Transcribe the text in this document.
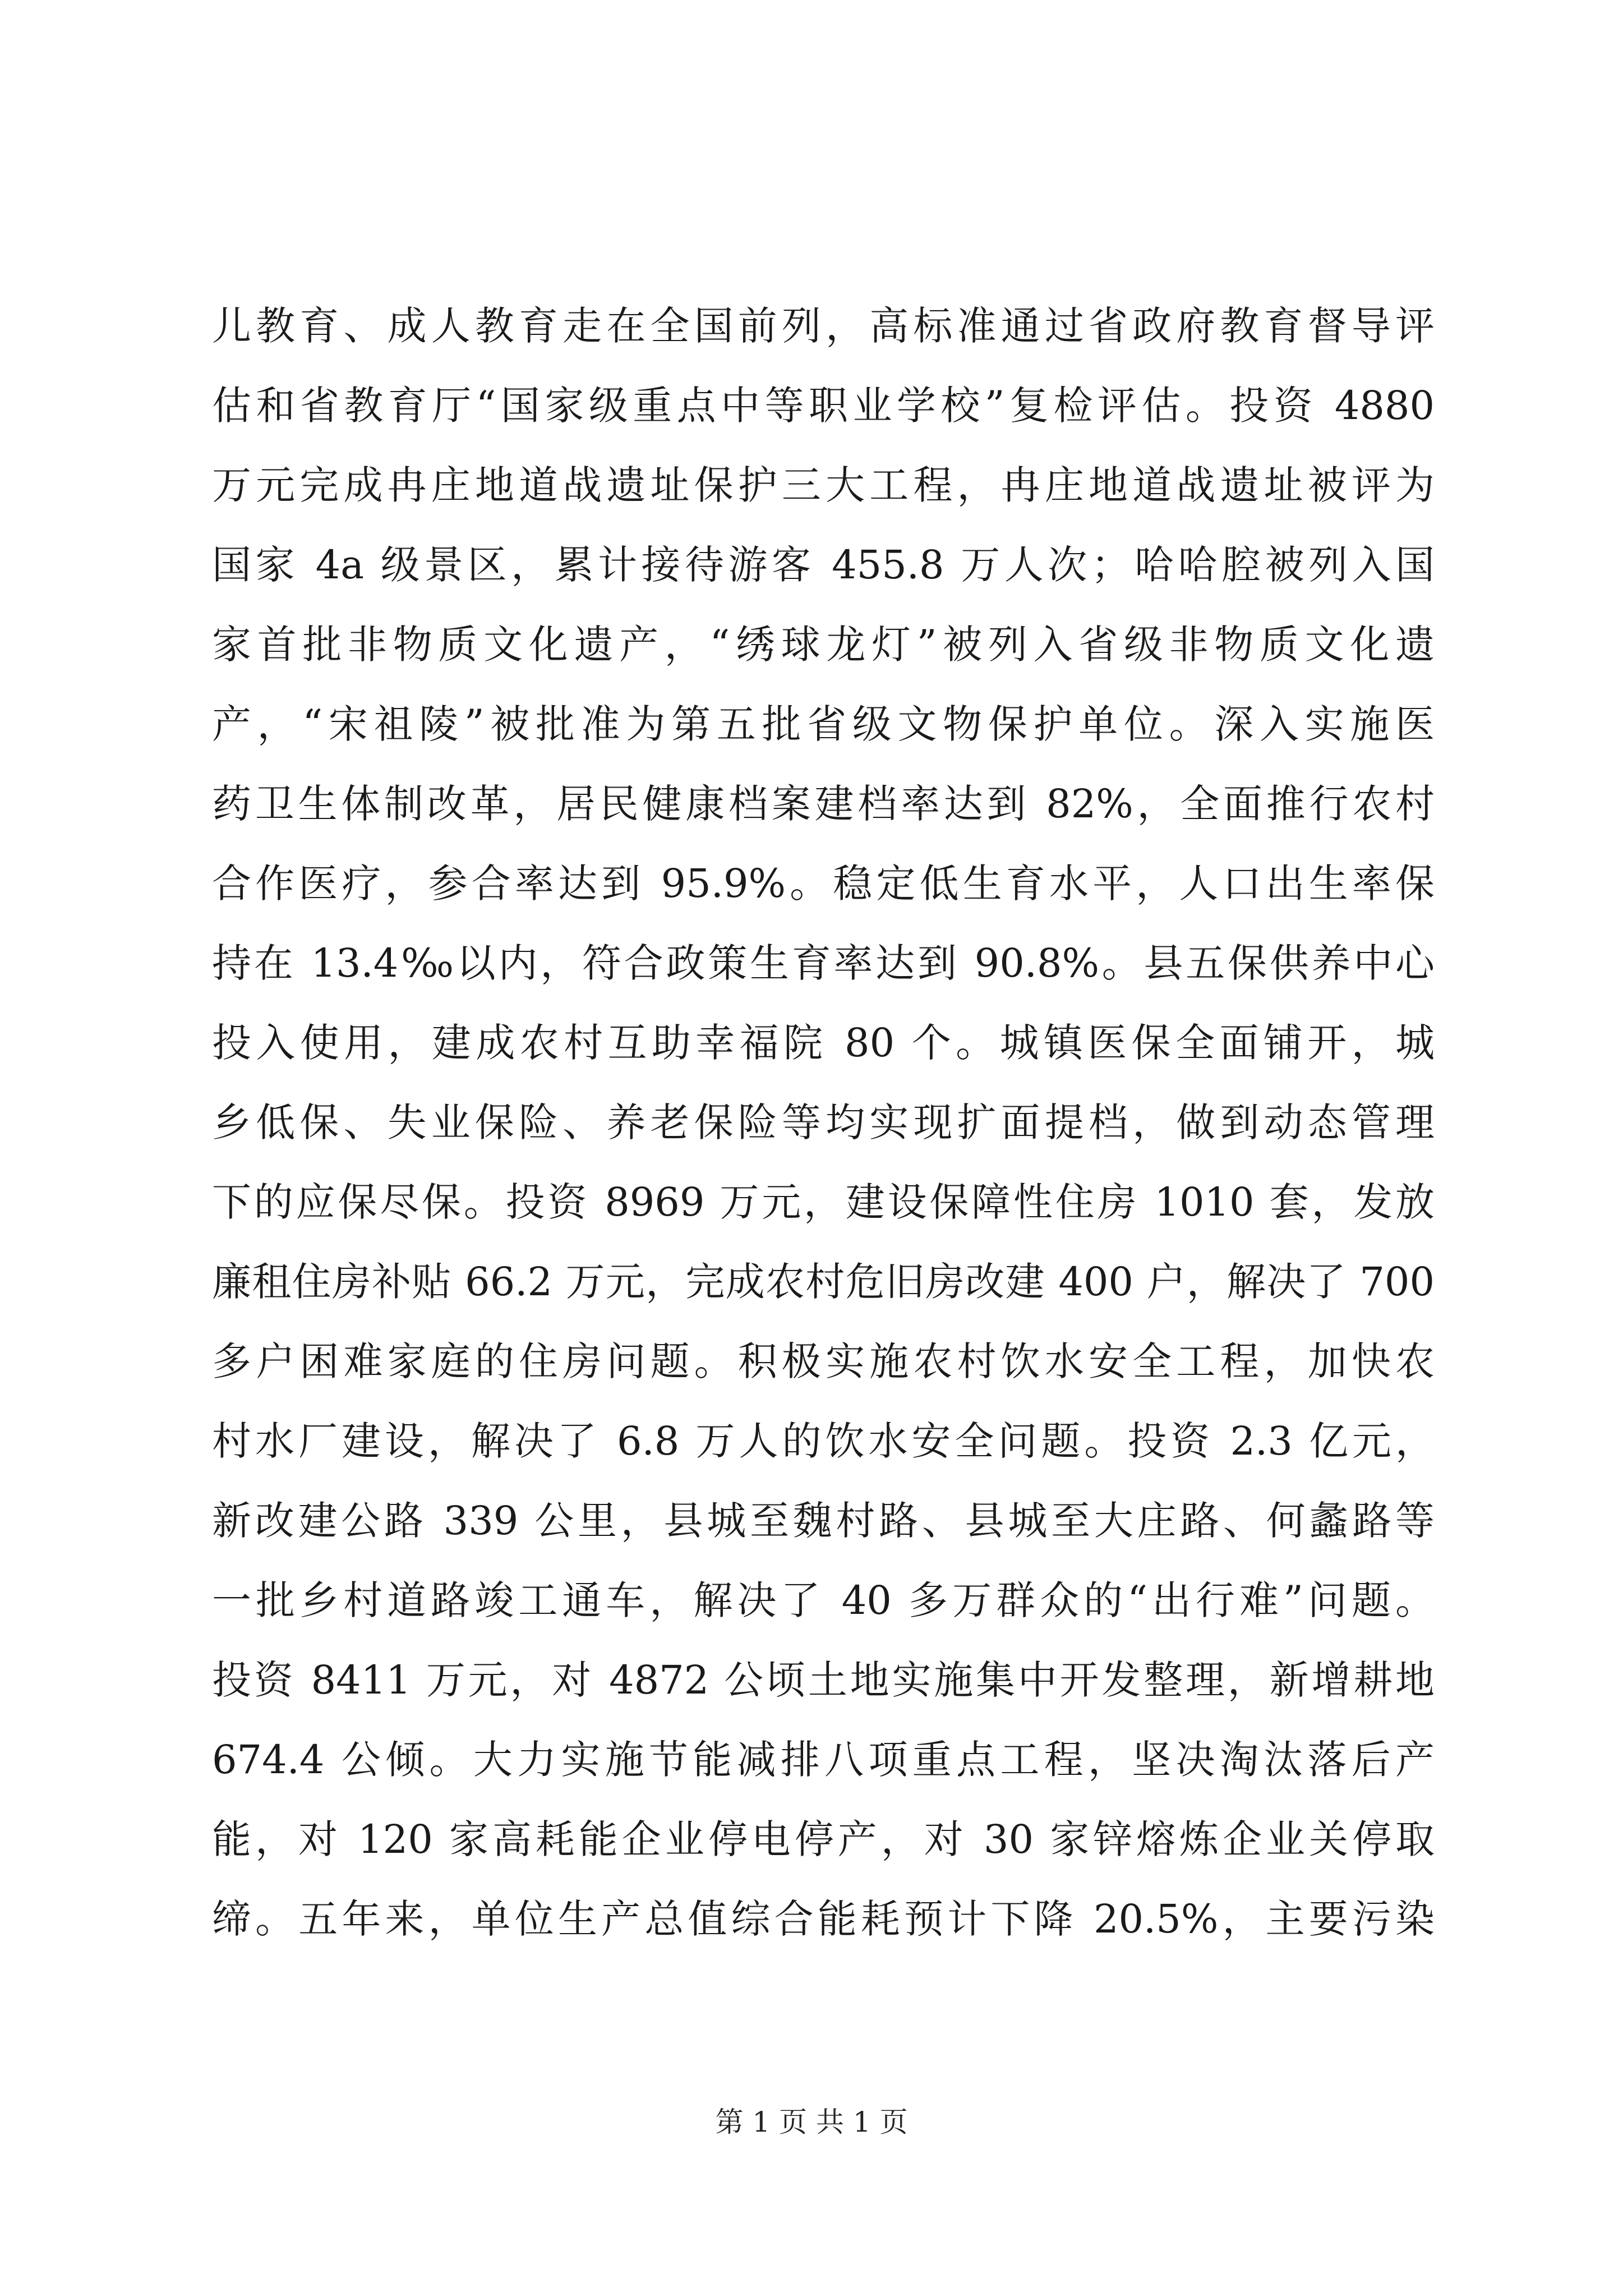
儿教育、成人教育走在全国前列，高标准通过省政府教育督导评
估和省教育厅“国家级重点中等职业学校”复检评估。投资 4880
万元完成冉庄地道战遗址保护三大工程，冉庄地道战遗址被评为
国家 4a 级景区，累计接待游客 455.8 万人次；哈哈腔被列入国
家首批非物质文化遗产，“绣球龙灯”被列入省级非物质文化遗
产，“宋祖陵”被批准为第五批省级文物保护单位。深入实施医
药卫生体制改革，居民健康档案建档率达到 82%，全面推行农村
合作医疗，参合率达到 95.9%。稳定低生育水平，人口出生率保
持在 13.4‰以内，符合政策生育率达到 90.8%。县五保供养中心
投入使用，建成农村互助幸福院 80 个。城镇医保全面铺开，城
乡低保、失业保险、养老保险等均实现扩面提档，做到动态管理
下的应保尽保。投资 8969 万元，建设保障性住房 1010 套，发放
廉租住房补贴 66.2 万元，完成农村危旧房改建 400 户，解决了 700
多户困难家庭的住房问题。积极实施农村饮水安全工程，加快农
村水厂建设，解决了 6.8 万人的饮水安全问题。投资 2.3 亿元，
新改建公路 339 公里，县城至魏村路、县城至大庄路、何蠡路等
一批乡村道路竣工通车，解决了 40 多万群众的“出行难”问题。
投资 8411 万元，对 4872 公顷土地实施集中开发整理，新增耕地
674.4 公倾。大力实施节能减排八项重点工程，坚决淘汰落后产
能，对 120 家高耗能企业停电停产，对 30 家锌熔炼企业关停取
缔。五年来，单位生产总值综合能耗预计下降 20.5%，主要污染
第 1 页 共 1 页
